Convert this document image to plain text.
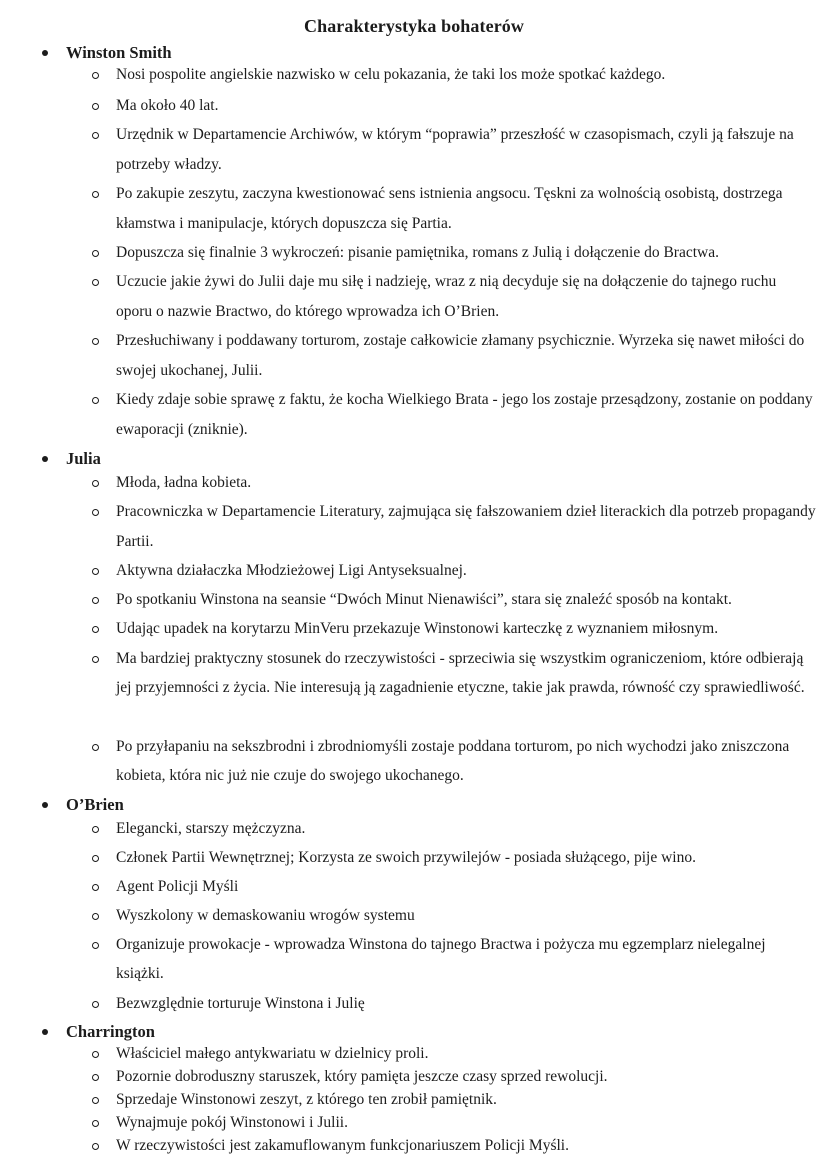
Charakterystyka bohaterów
Winston Smith
Nosi pospolite angielskie nazwisko w celu pokazania, że taki los może spotkać każdego.
Ma około 40 lat.
Urzędnik w Departamencie Archiwów, w którym “poprawia” przeszłość w czasopismach, czyli ją fałszuje na potrzeby władzy.
Po zakupie zeszytu, zaczyna kwestionować sens istnienia angsocu. Tęskni za wolnością osobistą, dostrzega kłamstwa i manipulacje, których dopuszcza się Partia.
Dopuszcza się finalnie 3 wykroczeń: pisanie pamiętnika, romans z Julią i dołączenie do Bractwa.
Uczucie jakie żywi do Julii daje mu siłę i nadzieję, wraz z nią decyduje się na dołączenie do tajnego ruchu oporu o nazwie Bractwo, do którego wprowadza ich O’Brien.
Przesłuchiwany i poddawany torturom, zostaje całkowicie złamany psychicznie. Wyrzeka się nawet miłości do swojej ukochanej, Julii.
Kiedy zdaje sobie sprawę z faktu, że kocha Wielkiego Brata - jego los zostaje przesądzony, zostanie on poddany ewaporacji (zniknie).
Julia
Młoda, ładna kobieta.
Pracowniczka w Departamencie Literatury, zajmująca się fałszowaniem dzieł literackich dla potrzeb propagandy Partii.
Aktywna działaczka Młodzieżowej Ligi Antyseksualnej.
Po spotkaniu Winstona na seansie “Dwóch Minut Nienawiści”, stara się znaleźć sposób na kontakt.
Udając upadek na korytarzu MinVeru przekazuje Winstonowi karteczkę z wyznaniem miłosnym.
Ma bardziej praktyczny stosunek do rzeczywistości - sprzeciwia się wszystkim ograniczeniom, które odbierają jej przyjemności z życia. Nie interesują ją zagadnienie etyczne, takie jak prawda, równość czy sprawiedliwość.
Po przyłapaniu na sekszbrodni i zbrodniomyśli zostaje poddana torturom, po nich wychodzi jako zniszczona kobieta, która nic już nie czuje do swojego ukochanego.
O’Brien
Elegancki, starszy mężczyzna.
Członek Partii Wewnętrznej; Korzysta ze swoich przywilejów - posiada służącego, pije wino.
Agent Policji Myśli
Wyszkolony w demaskowaniu wrogów systemu
Organizuje prowokacje - wprowadza Winstona do tajnego Bractwa i pożycza mu egzemplarz nielegalnej książki.
Bezwzględnie torturuje Winstona i Julię
Charrington
Właściciel małego antykwariatu w dzielnicy proli.
Pozornie dobroduszny staruszek, który pamięta jeszcze czasy sprzed rewolucji.
Sprzedaje Winstonowi zeszyt, z którego ten zrobił pamiętnik.
Wynajmuje pokój Winstonowi i Julii.
W rzeczywistości jest zakamuflowanym funkcjonariuszem Policji Myśli.
